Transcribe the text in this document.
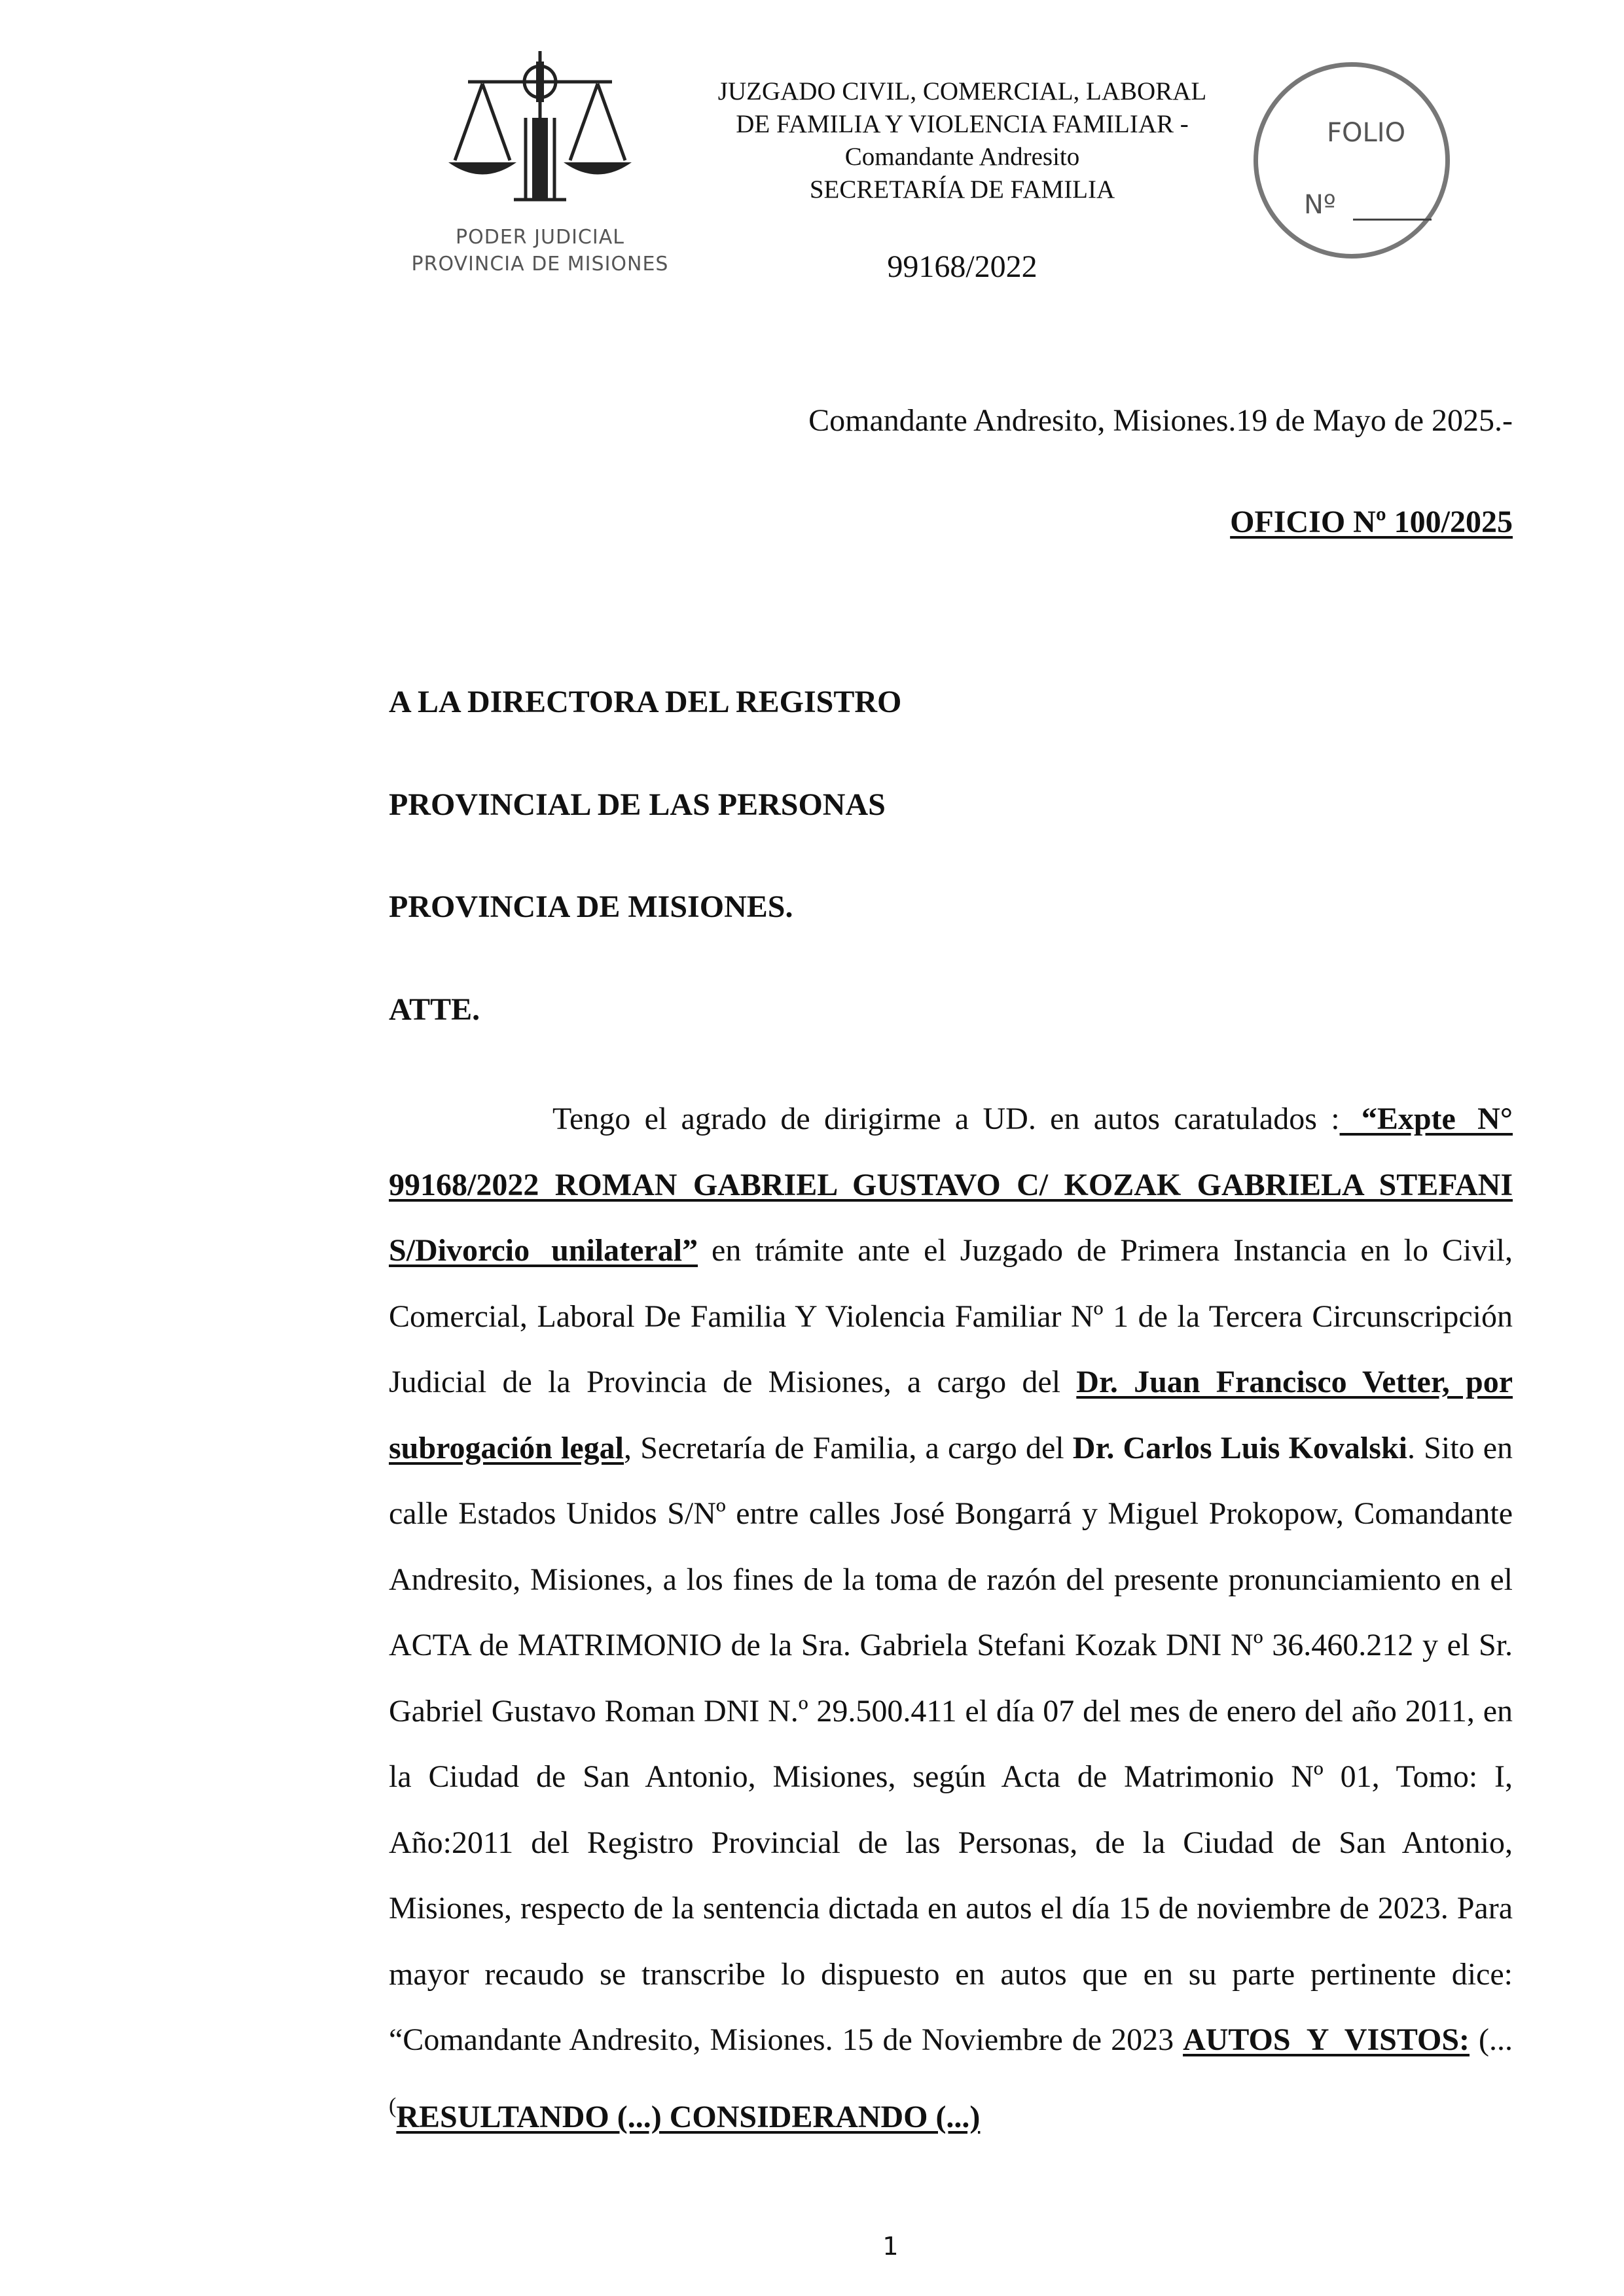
PODER JUDICIAL
PROVINCIA DE MISIONES
JUZGADO CIVIL, COMERCIAL, LABORAL
DE FAMILIA Y VIOLENCIA FAMILIAR -
Comandante Andresito
SECRETARÍA DE FAMILIA
99168/2022
FOLIO
Nº
Comandante Andresito, Misiones.19 de Mayo de 2025.-
OFICIO Nº 100/2025
A LA DIRECTORA DEL REGISTRO
PROVINCIAL DE LAS PERSONAS
PROVINCIA DE MISIONES.
ATTE.
Tengo el agrado de dirigirme a UD. en autos caratulados : “Expte N° 99168/2022 ROMAN GABRIEL GUSTAVO C/ KOZAK GABRIELA STEFANI S/Divorcio unilateral” en trámite ante el Juzgado de Primera Instancia en lo Civil, Comercial, Laboral De Familia Y Violencia Familiar Nº 1 de la Tercera Circunscripción Judicial de la Provincia de Misiones, a cargo del Dr. Juan Francisco Vetter, por subrogación legal, Secretaría de Familia, a cargo del Dr. Carlos Luis Kovalski. Sito en calle Estados Unidos S/Nº entre calles José Bongarrá y Miguel Prokopow, Comandante Andresito, Misiones, a los fines de la toma de razón del presente pronunciamiento en el ACTA de MATRIMONIO de la Sra. Gabriela Stefani Kozak DNI Nº 36.460.212 y el Sr. Gabriel Gustavo Roman DNI N.º 29.500.411 el día 07 del mes de enero del año 2011, en la Ciudad de San Antonio, Misiones, según Acta de Matrimonio Nº 01, Tomo: I, Año:2011 del Registro Provincial de las Personas, de la Ciudad de San Antonio, Misiones, respecto de la sentencia dictada en autos el día 15 de noviembre de 2023. Para mayor recaudo se transcribe lo dispuesto en autos que en su parte pertinente dice: “Comandante Andresito, Misiones. 15 de Noviembre de 2023 AUTOS Y VISTOS: (... (RESULTANDO (...) CONSIDERANDO (...)
1
